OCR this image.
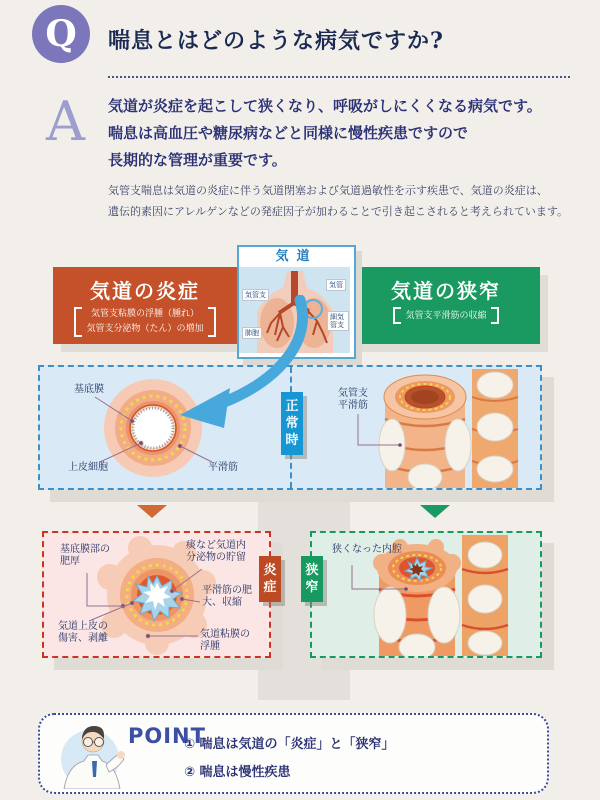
Q	喘息とはどのような病気ですか?
A 気道が炎症を起こして狭くなり、呼吸がしにくくなる病気です。
喘息は高血圧や糖尿病などと同様に慢性疾患ですので
長期的な管理が重要です。
気管支喘息は気道の炎症に伴う気道閉塞および気道過敏性を示す疾患で、気道の炎症は、
遺伝的素因にアレルゲンなどの発症因子が加わることで引き起こされると考えられています。
気道の炎症
気管支粘膜の浮腫（腫れ）
気管支分泌物（たん）の増加
気道の狭窄
気管支平滑筋の収縮
気道
気管支
気管
細気管支
肺胞
基底膜
上皮細胞	平滑筋
気管支平滑筋
基底膜部の肥厚
痰など気道内分泌物の貯留
平滑筋の肥大、収縮
気道上皮の傷害、剥離	気道粘膜の浮腫
狭くなった内腔
正常時
炎症
狭窄
POINT
① 喘息は気道の「炎症」と「狭窄」
② 喘息は慢性疾患
